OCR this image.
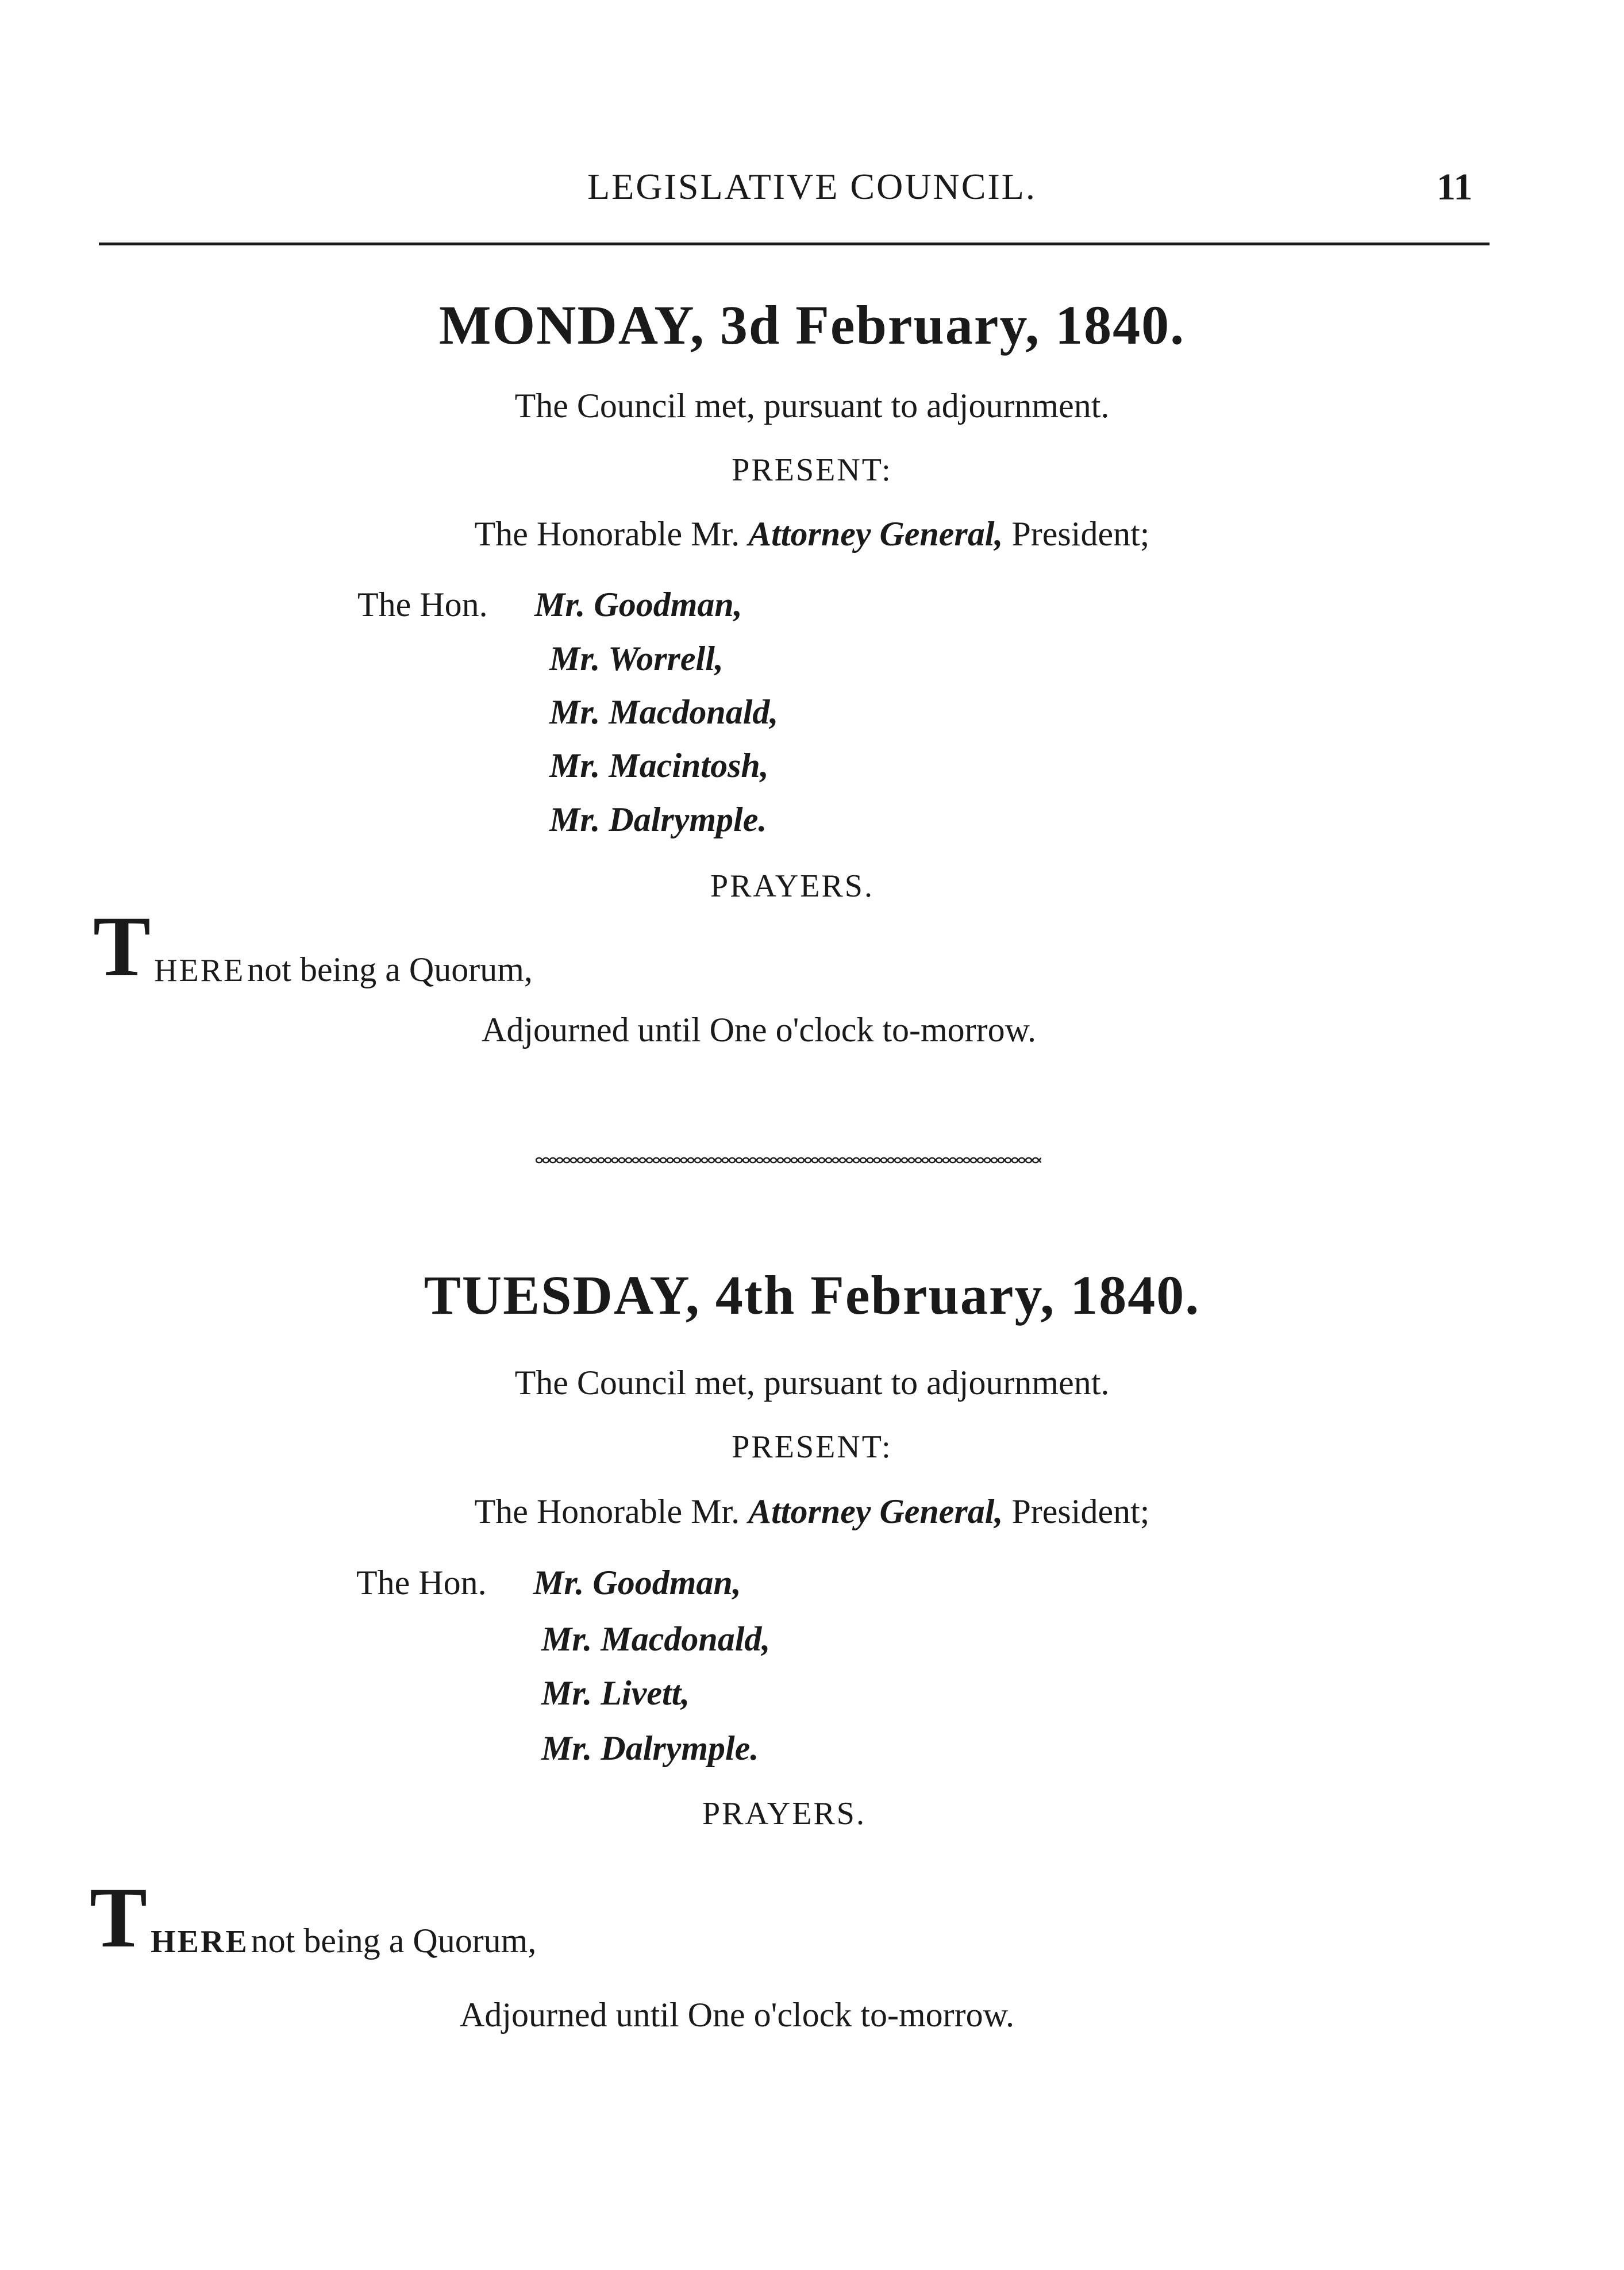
LEGISLATIVE COUNCIL.	11
MONDAY, 3d February, 1840.
The Council met, pursuant to adjournment.
PRESENT:
The Honorable Mr. Attorney General, President;
The Hon. Mr. Goodman,
Mr. Worrell,
Mr. Macdonald,
Mr. Macintosh,
Mr. Dalrymple.
PRAYERS.
THERE not being a Quorum,
Adjourned until One o'clock to-morrow.
TUESDAY, 4th February, 1840.
The Council met, pursuant to adjournment.
PRESENT:
The Honorable Mr. Attorney General, President;
The Hon. Mr. Goodman,
Mr. Macdonald,
Mr. Livett,
Mr. Dalrymple.
PRAYERS.
THERE not being a Quorum,
Adjourned until One o'clock to-morrow.
